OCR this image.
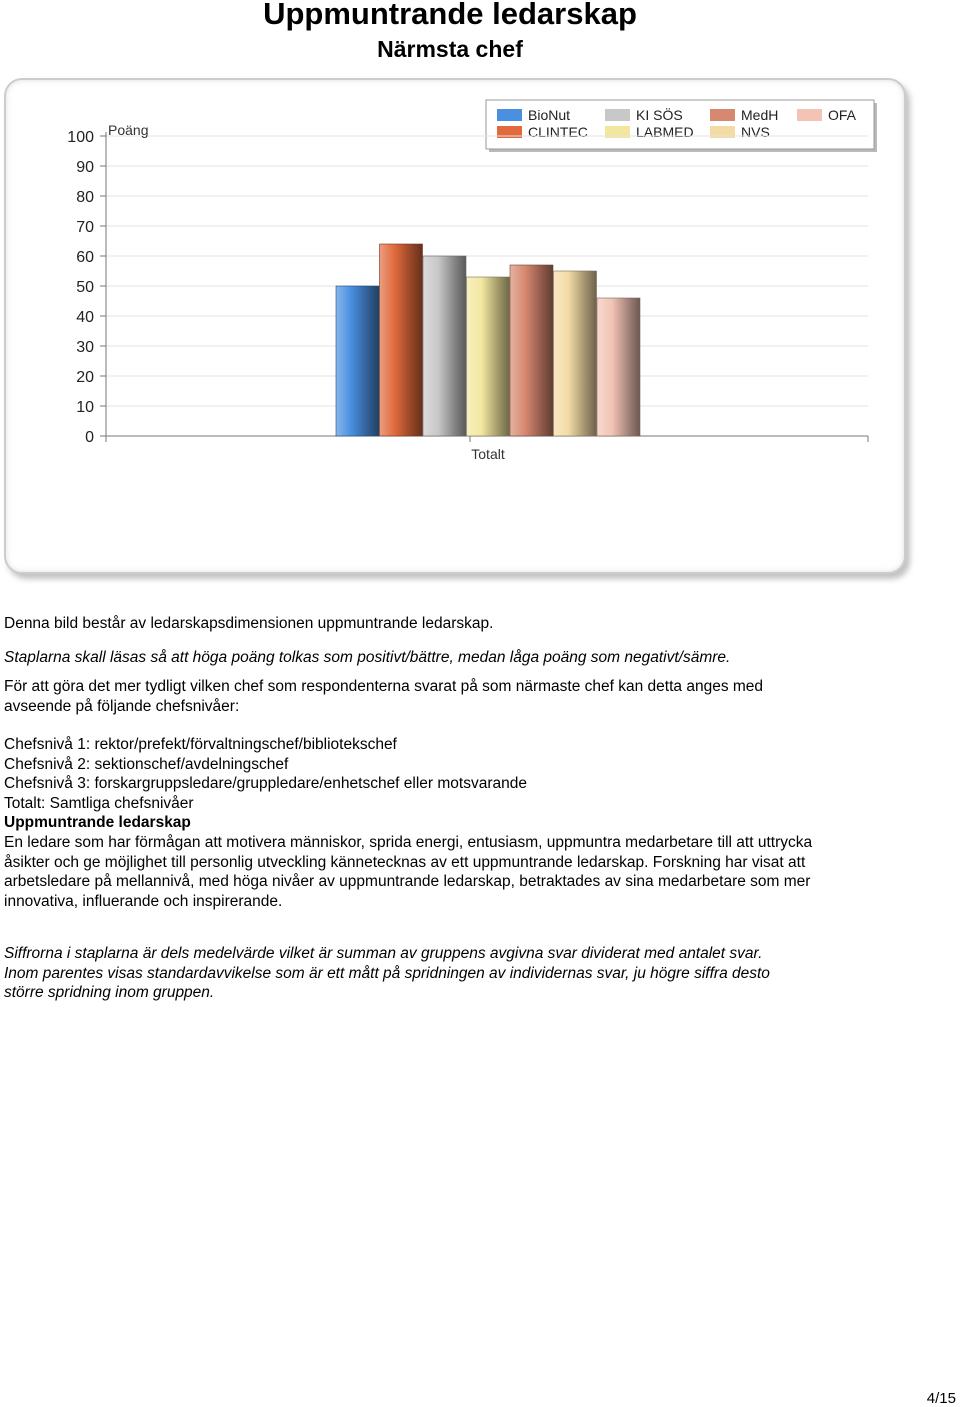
Uppmuntrande ledarskap
Närmsta chef
BioNut	KI SÖS	MedH	OFA
CLINTEC	LABMED	NVS
0
10
20
30
40
50
60
70
80
90
100 Poäng
Totalt

Denna bild består av ledarskapsdimensionen uppmuntrande ledarskap.

Staplarna skall läsas så att höga poäng tolkas som positivt/bättre, medan låga poäng som negativt/sämre.

För att göra det mer tydligt vilken chef som respondenterna svarat på som närmaste chef kan detta anges med

avseende på följande chefsnivåer:

Chefsnivå 1: rektor/prefekt/förvaltningschef/bibliotekschef

Chefsnivå 2: sektionschef/avdelningschef

Chefsnivå 3: forskargruppsledare/gruppledare/enhetschef eller motsvarande

Totalt: Samtliga chefsnivåer

Uppmuntrande ledarskap

En ledare som har förmågan att motivera människor, sprida energi, entusiasm, uppmuntra medarbetare till att uttrycka

åsikter och ge möjlighet till personlig utveckling kännetecknas av ett uppmuntrande ledarskap. Forskning har visat att

arbetsledare på mellannivå, med höga nivåer av uppmuntrande ledarskap, betraktades av sina medarbetare som mer

innovativa, influerande och inspirerande.

Siffrorna i staplarna är dels medelvärde vilket är summan av gruppens avgivna svar dividerat med antalet svar.

Inom parentes visas standardavvikelse som är ett mått på spridningen av individernas svar, ju högre siffra desto

större spridning inom gruppen.

4/15
